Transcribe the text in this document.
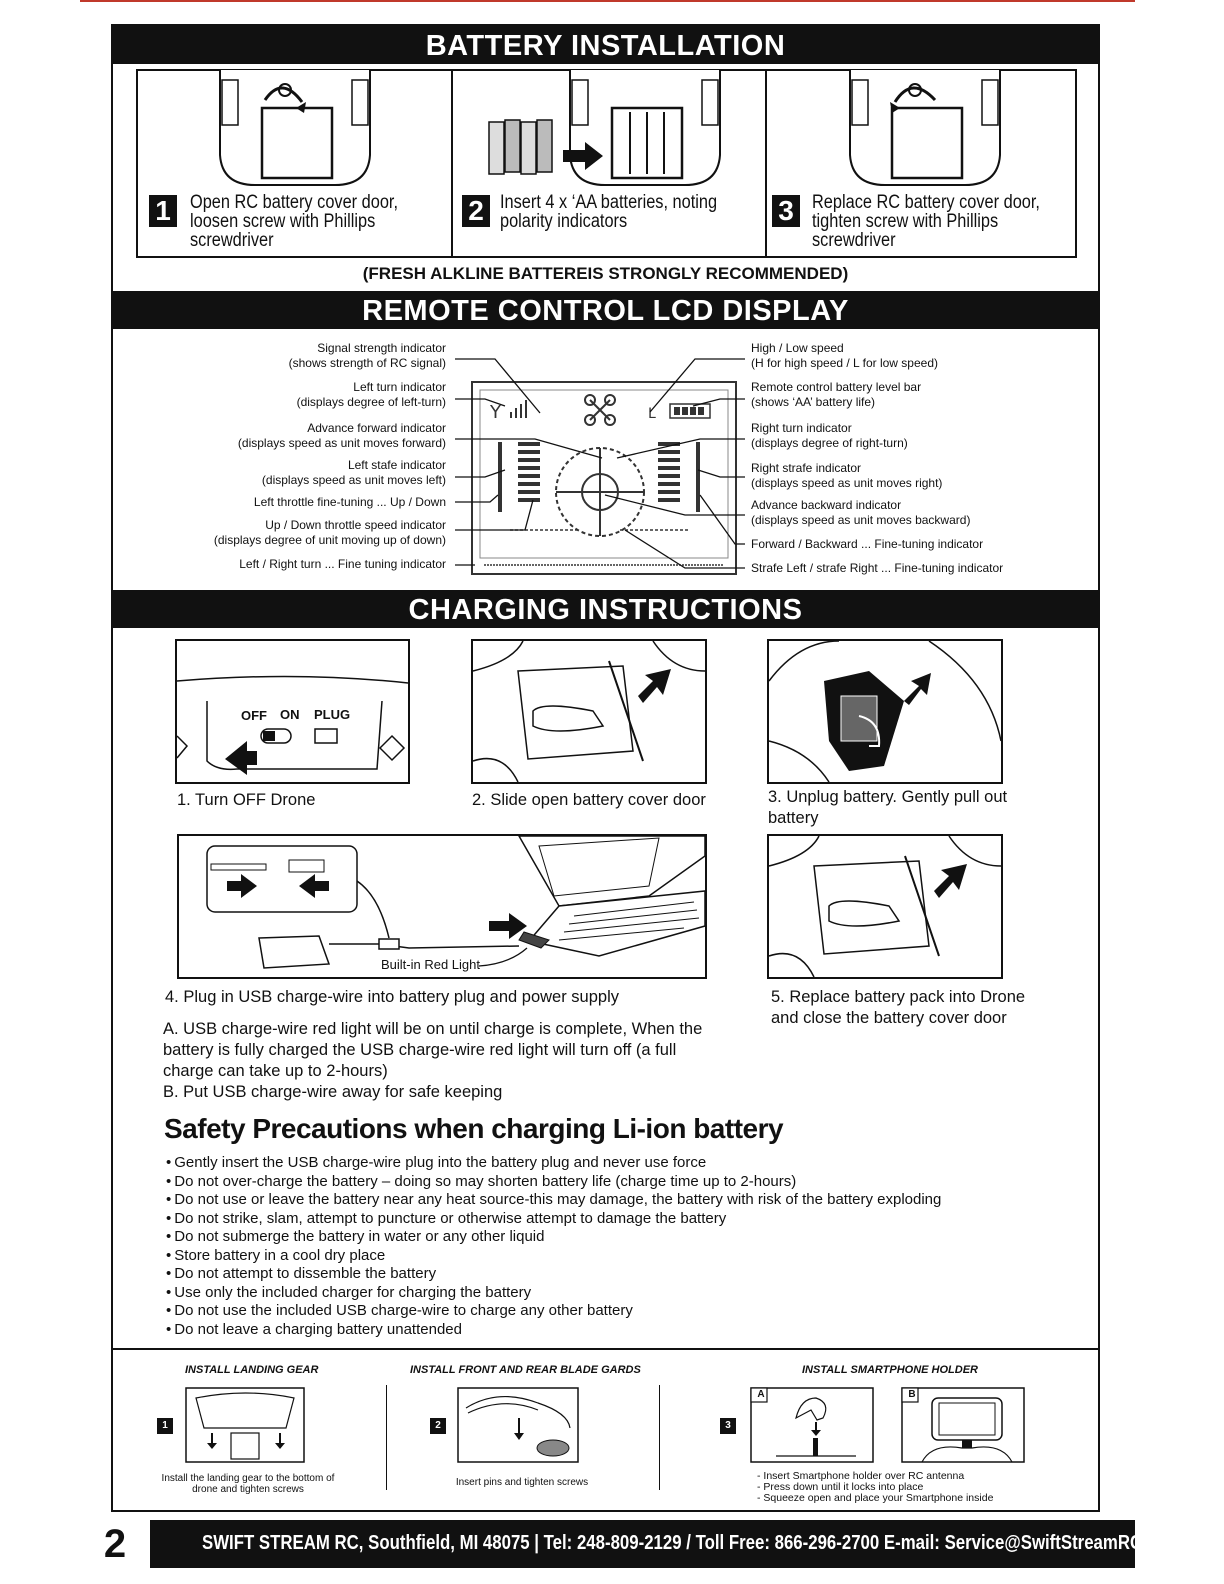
BATTERY INSTALLATION
1	Open RC battery cover door, loosen screw with Phillips screwdriver
2 Insert 4 x ‘AA batteries, noting polarity indicators	3 Replace RC battery cover door, tighten screw with Phillips screwdriver
(FRESH ALKLINE BATTEREIS STRONGLY RECOMMENDED)
REMOTE CONTROL LCD DISPLAY
Y	L
Signal strength indicator
(shows strength of RC signal)
Left turn indicator
(displays degree of left-turn)
Advance forward indicator
(displays speed as unit moves forward)
Left stafe indicator
(displays speed as unit moves left)
Left throttle fine-tuning ... Up / Down
Up / Down throttle speed indicator
(displays degree of unit moving up of down)
Left / Right turn ... Fine tuning indicator
High / Low speed
(H for high speed / L for low speed)
Remote control battery level bar
(shows ‘AA’ battery life)
Right turn indicator
(displays degree of right-turn)
Right strafe indicator
(displays speed as unit moves right)
Advance backward indicator
(displays speed as unit moves backward)
Forward / Backward ... Fine-tuning indicator
Strafe Left / strafe Right ... Fine-tuning indicator
CHARGING INSTRUCTIONS
OFF ON PLUG
1. Turn OFF Drone	2. Slide open battery cover door	3. Unplug battery. Gently pull out battery
Built-in Red Light
4. Plug in USB charge-wire into battery plug and power supply	5. Replace battery pack into Drone and close the battery cover door
A. USB charge-wire red light will be on until charge is complete, When the battery is fully charged the USB charge-wire red light will turn off (a full charge can take up to 2-hours)
B. Put USB charge-wire away for safe keeping
Safety Precautions when charging Li-ion battery
• Gently insert the USB charge-wire plug into the battery plug and never use force
• Do not over-charge the battery – doing so may shorten battery life (charge time up to 2-hours)
• Do not use or leave the battery near any heat source-this may damage, the battery with risk of the battery exploding
• Do not strike, slam, attempt to puncture or otherwise attempt to damage the battery
• Do not submerge the battery in water or any other liquid
• Store battery in a cool dry place
• Do not attempt to dissemble the battery
• Use only the included charger for charging the battery
• Do not use the included USB charge-wire to charge any other battery
• Do not leave a charging battery unattended
INSTALL LANDING GEAR
1
Install the landing gear to the bottom of drone and tighten screws
INSTALL FRONT AND REAR BLADE GARDS
2
Insert pins and tighten screws
INSTALL SMARTPHONE HOLDER
3
A	B
- Insert Smartphone holder over RC antenna
- Press down until it locks into place
- Squeeze open and place your Smartphone inside
2	SWIFT STREAM RC, Southfield, MI 48075 | Tel: 248-809-2129 / Toll Free: 866-296-2700 E-mail: Service@SwiftStreamRC.com
